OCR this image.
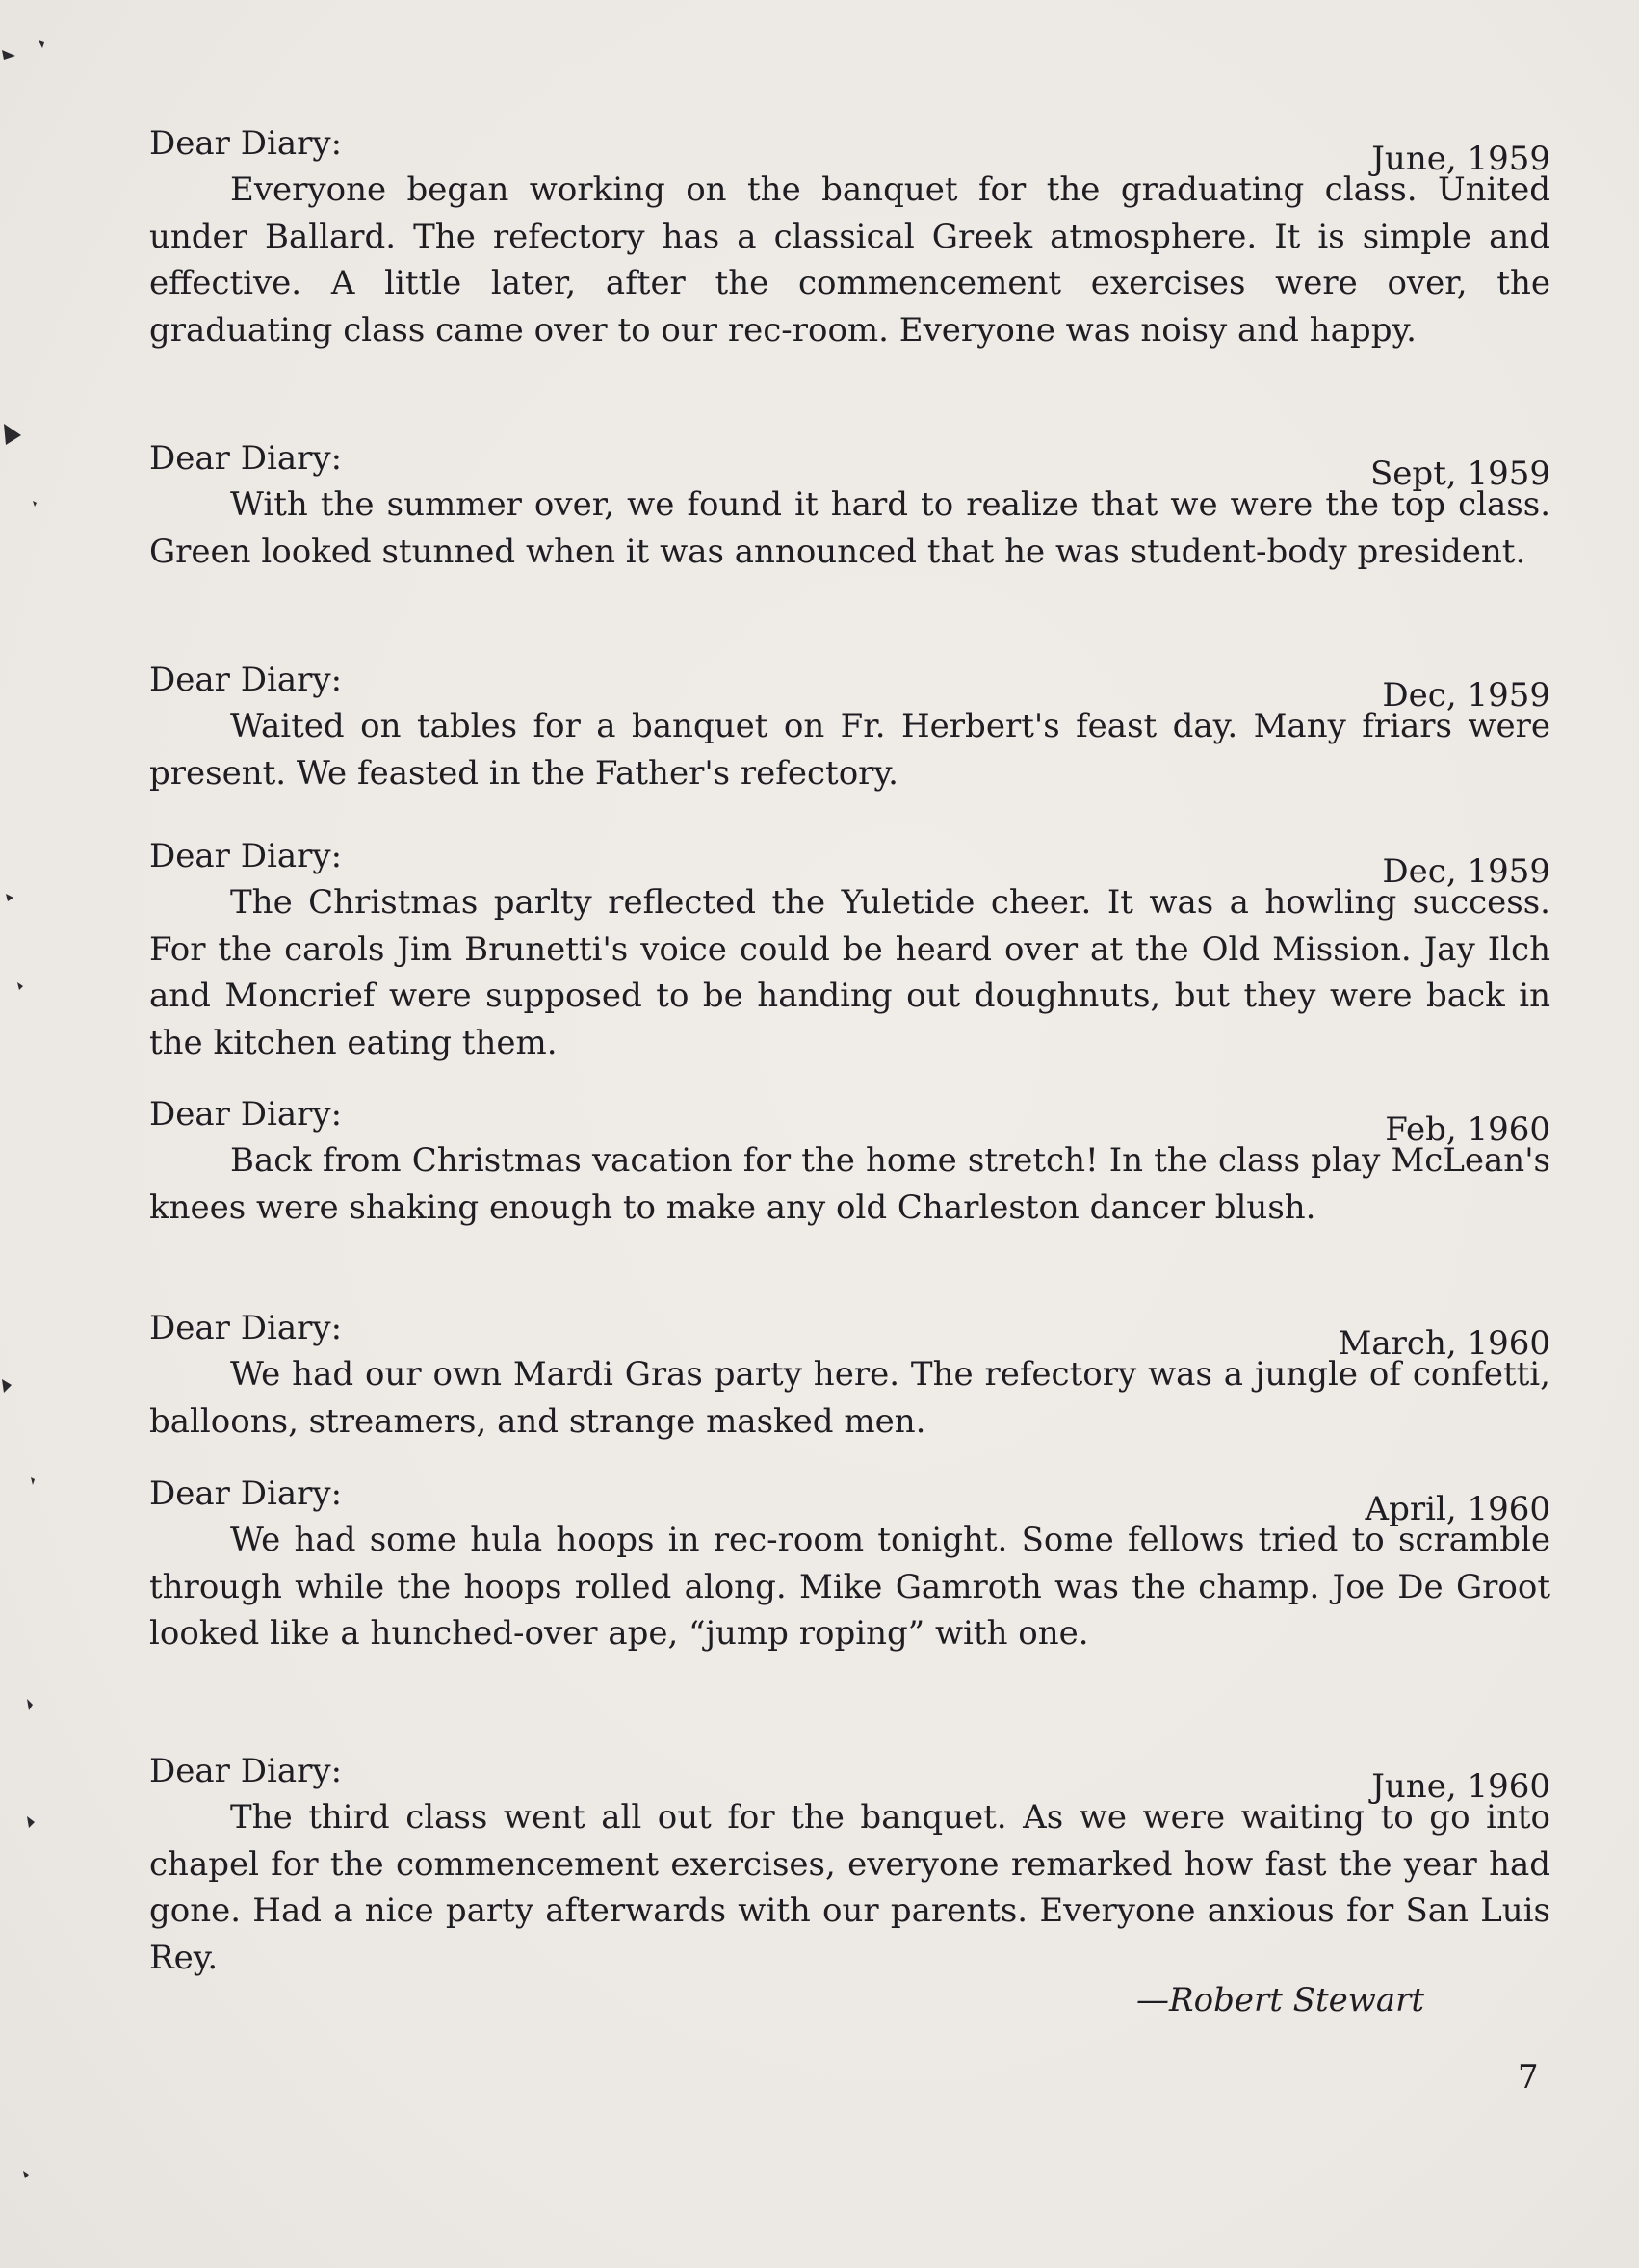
Dear Diary:	June, 1959

Everyone began working on the banquet for the graduating class. United under Ballard. The refectory has a classical Greek atmosphere. It is simple and effective. A little later, after the commencement exercises were over, the graduating class came over to our rec-room. Everyone was noisy and happy.

Dear Diary:	Sept, 1959

With the summer over, we found it hard to realize that we were the top class. Green looked stunned when it was announced that he was student-body president.

Dear Diary:	Dec, 1959

Waited on tables for a banquet on Fr. Herbert's feast day. Many friars were present. We feasted in the Father's refectory.

Dear Diary:	Dec, 1959

The Christmas parlty reflected the Yuletide cheer. It was a howling success. For the carols Jim Brunetti's voice could be heard over at the Old Mission. Jay Ilch and Moncrief were supposed to be handing out doughnuts, but they were back in the kitchen eating them.

Dear Diary:	Feb, 1960

Back from Christmas vacation for the home stretch! In the class play McLean's knees were shaking enough to make any old Charleston dancer blush.

Dear Diary:	March, 1960

We had our own Mardi Gras party here. The refectory was a jungle of confetti, balloons, streamers, and strange masked men.

Dear Diary:	April, 1960

We had some hula hoops in rec-room tonight. Some fellows tried to scramble through while the hoops rolled along. Mike Gamroth was the champ. Joe De Groot looked like a hunched-over ape, “jump roping” with one.

Dear Diary:	June, 1960

The third class went all out for the banquet. As we were waiting to go into chapel for the commencement exercises, everyone remarked how fast the year had gone. Had a nice party afterwards with our parents. Everyone anxious for San Luis Rey.

—Robert Stewart
7
